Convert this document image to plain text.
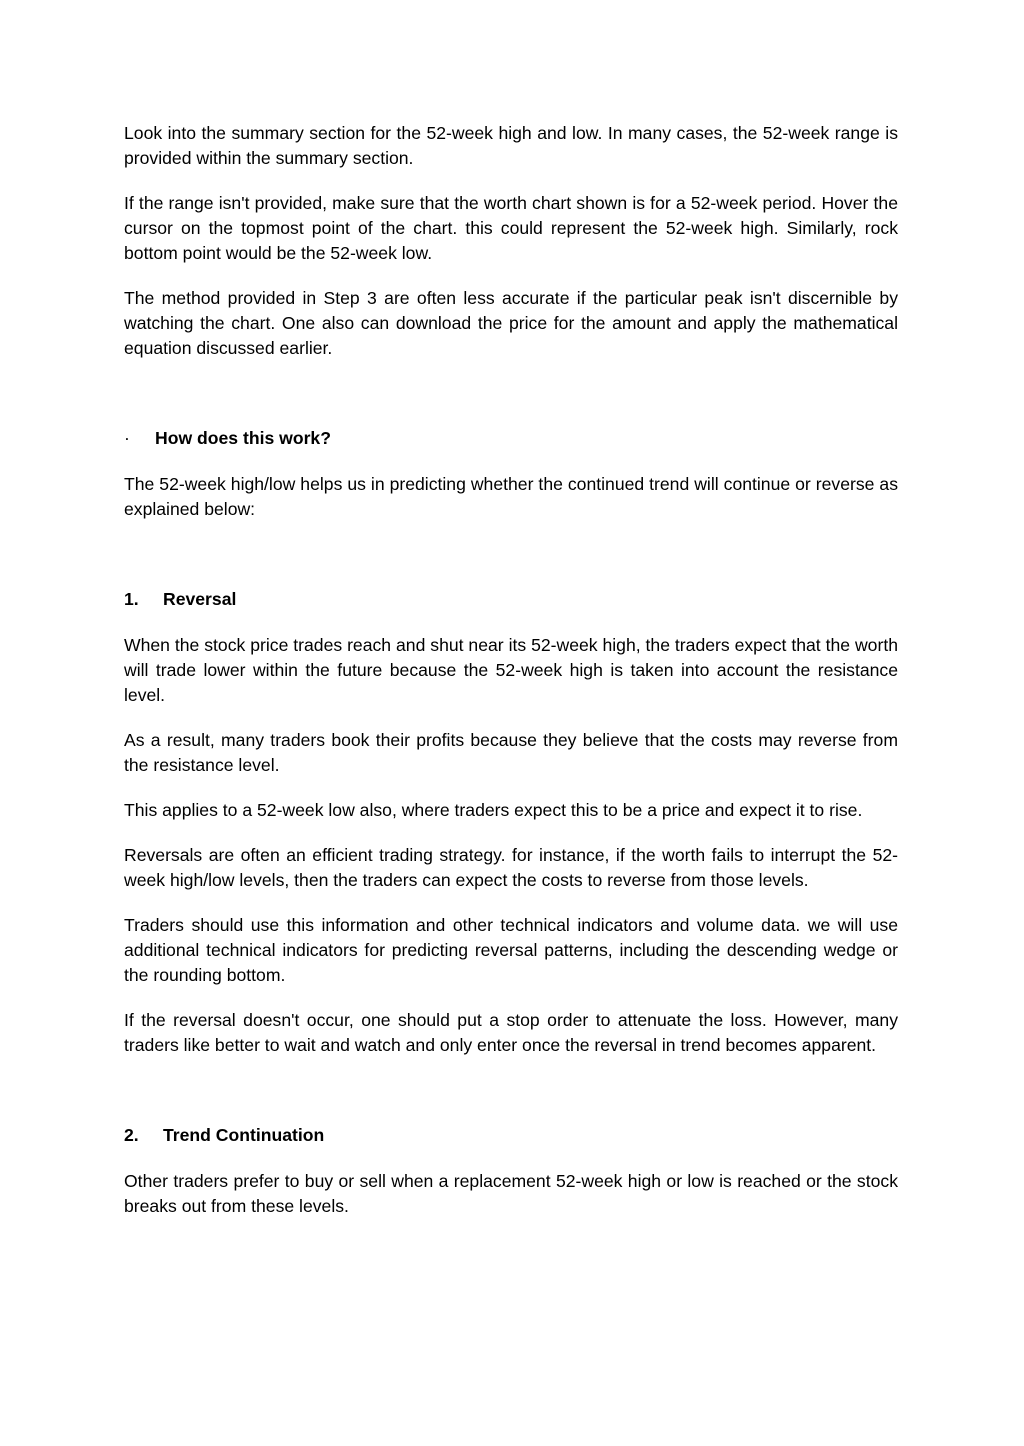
Look into the summary section for the 52-week high and low. In many cases, the 52-week range is provided within the summary section.

If the range isn't provided, make sure that the worth chart shown is for a 52-week period. Hover the cursor on the topmost point of the chart. this could represent the 52-week high. Similarly, rock bottom point would be the 52-week low.

The method provided in Step 3 are often less accurate if the particular peak isn't discernible by watching the chart. One also can download the price for the amount and apply the mathematical equation discussed earlier.

·	How does this work?

The 52-week high/low helps us in predicting whether the continued trend will continue or reverse as explained below:

1.	Reversal

When the stock price trades reach and shut near its 52-week high, the traders expect that the worth will trade lower within the future because the 52-week high is taken into account the resistance level.

As a result, many traders book their profits because they believe that the costs may reverse from the resistance level.

This applies to a 52-week low also, where traders expect this to be a price and expect it to rise.

Reversals are often an efficient trading strategy. for instance, if the worth fails to interrupt the 52-week high/low levels, then the traders can expect the costs to reverse from those levels.

Traders should use this information and other technical indicators and volume data. we will use additional technical indicators for predicting reversal patterns, including the descending wedge or the rounding bottom.

If the reversal doesn't occur, one should put a stop order to attenuate the loss. However, many traders like better to wait and watch and only enter once the reversal in trend becomes apparent.

2.	Trend Continuation

Other traders prefer to buy or sell when a replacement 52-week high or low is reached or the stock breaks out from these levels.
